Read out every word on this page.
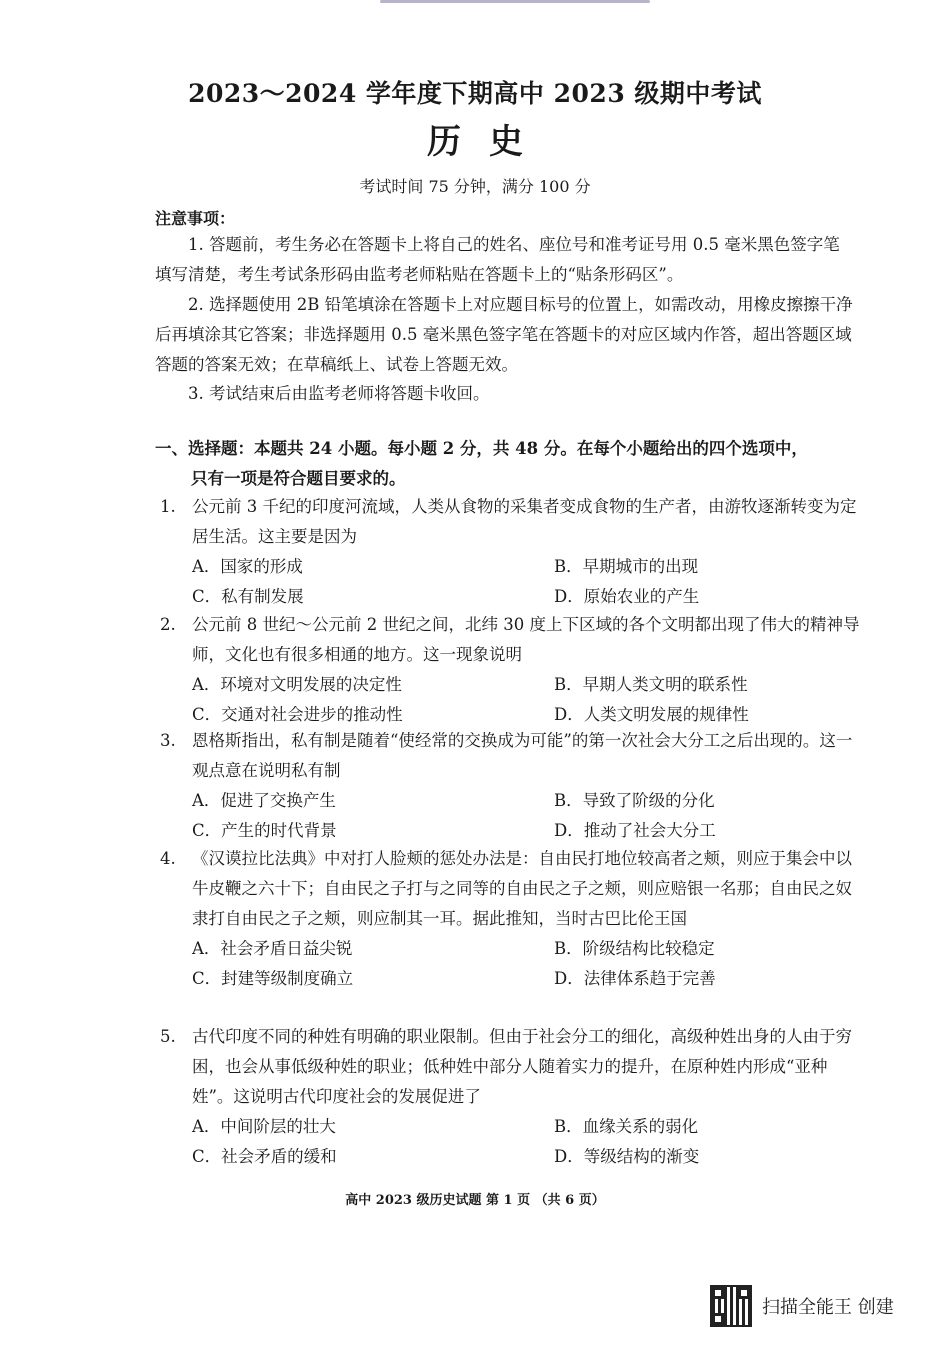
2023～2024 学年度下期高中 2023 级期中考试
历史
考试时间 75 分钟，满分 100 分
注意事项：
1. 答题前，考生务必在答题卡上将自己的姓名、座位号和准考证号用 0.5 毫米黑色签字笔填写清楚，考生考试条形码由监考老师粘贴在答题卡上的“贴条形码区”。
2. 选择题使用 2B 铅笔填涂在答题卡上对应题目标号的位置上，如需改动，用橡皮擦擦干净后再填涂其它答案；非选择题用 0.5 毫米黑色签字笔在答题卡的对应区域内作答，超出答题区域答题的答案无效；在草稿纸上、试卷上答题无效。
3. 考试结束后由监考老师将答题卡收回。
一、选择题：本题共 24 小题。每小题 2 分，共 48 分。在每个小题给出的四个选项中，
只有一项是符合题目要求的。
1. 公元前 3 千纪的印度河流域，人类从食物的采集者变成食物的生产者，由游牧逐渐转变为定居生活。这主要是因为
A．国家的形成	B．早期城市的出现
C．私有制发展	D．原始农业的产生
2. 公元前 8 世纪～公元前 2 世纪之间，北纬 30 度上下区域的各个文明都出现了伟大的精神导师，文化也有很多相通的地方。这一现象说明
A．环境对文明发展的决定性	B．早期人类文明的联系性
C．交通对社会进步的推动性	D．人类文明发展的规律性
3. 恩格斯指出，私有制是随着“使经常的交换成为可能”的第一次社会大分工之后出现的。这一观点意在说明私有制
A．促进了交换产生	B．导致了阶级的分化
C．产生的时代背景	D．推动了社会大分工
4. 《汉谟拉比法典》中对打人脸颊的惩处办法是：自由民打地位较高者之颊，则应于集会中以牛皮鞭之六十下；自由民之子打与之同等的自由民之子之颊，则应赔银一名那；自由民之奴隶打自由民之子之颊，则应制其一耳。据此推知，当时古巴比伦王国
A．社会矛盾日益尖锐	B．阶级结构比较稳定
C．封建等级制度确立	D．法律体系趋于完善
5. 古代印度不同的种姓有明确的职业限制。但由于社会分工的细化，高级种姓出身的人由于穷困，也会从事低级种姓的职业；低种姓中部分人随着实力的提升，在原种姓内形成“亚种姓”。这说明古代印度社会的发展促进了
A．中间阶层的壮大	B．血缘关系的弱化
C．社会矛盾的缓和	D．等级结构的渐变
高中 2023 级历史试题 第 1 页 （共 6 页）
扫描全能王 创建
